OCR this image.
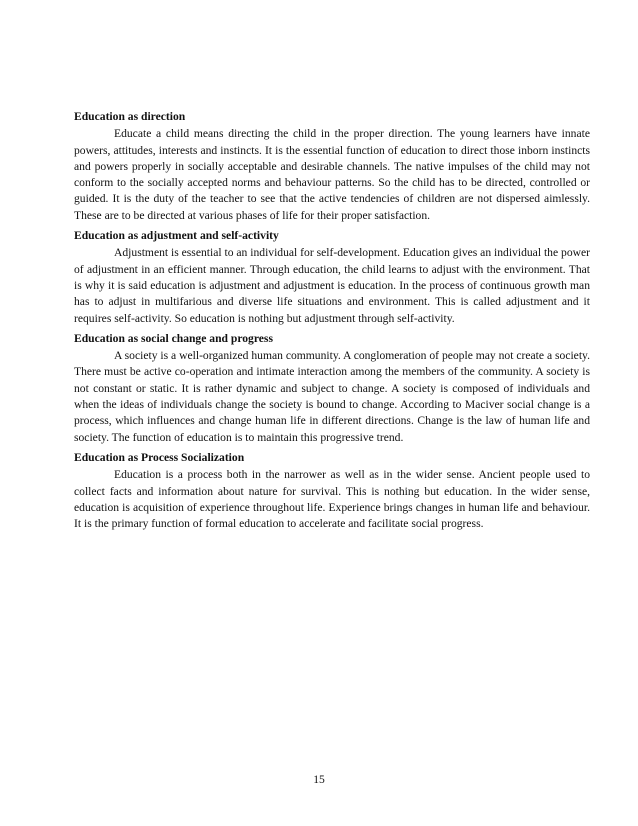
Education as direction

Educate a child means directing the child in the proper direction. The young learners have innate powers, attitudes, interests and instincts. It is the essential function of education to direct those inborn instincts and powers properly in socially acceptable and desirable channels. The native impulses of the child may not conform to the socially accepted norms and behaviour patterns. So the child has to be directed, controlled or guided. It is the duty of the teacher to see that the active tendencies of children are not dispersed aimlessly. These are to be directed at various phases of life for their proper satisfaction.

Education as adjustment and self-activity

Adjustment is essential to an individual for self-development. Education gives an individual the power of adjustment in an efficient manner. Through education, the child learns to adjust with the environment. That is why it is said education is adjustment and adjustment is education. In the process of continuous growth man has to adjust in multifarious and diverse life situations and environment. This is called adjustment and it requires self-activity. So education is nothing but adjustment through self-activity.

Education as social change and progress

A society is a well-organized human community. A conglomeration of people may not create a society. There must be active co-operation and intimate interaction among the members of the community. A society is not constant or static. It is rather dynamic and subject to change. A society is composed of individuals and when the ideas of individuals change the society is bound to change. According to Maciver social change is a process, which influences and change human life in different directions. Change is the law of human life and society. The function of education is to maintain this progressive trend.

Education as Process Socialization

Education is a process both in the narrower as well as in the wider sense. Ancient people used to collect facts and information about nature for survival. This is nothing but education. In the wider sense, education is acquisition of experience throughout life. Experience brings changes in human life and behaviour. It is the primary function of formal education to accelerate and facilitate social progress.

15
